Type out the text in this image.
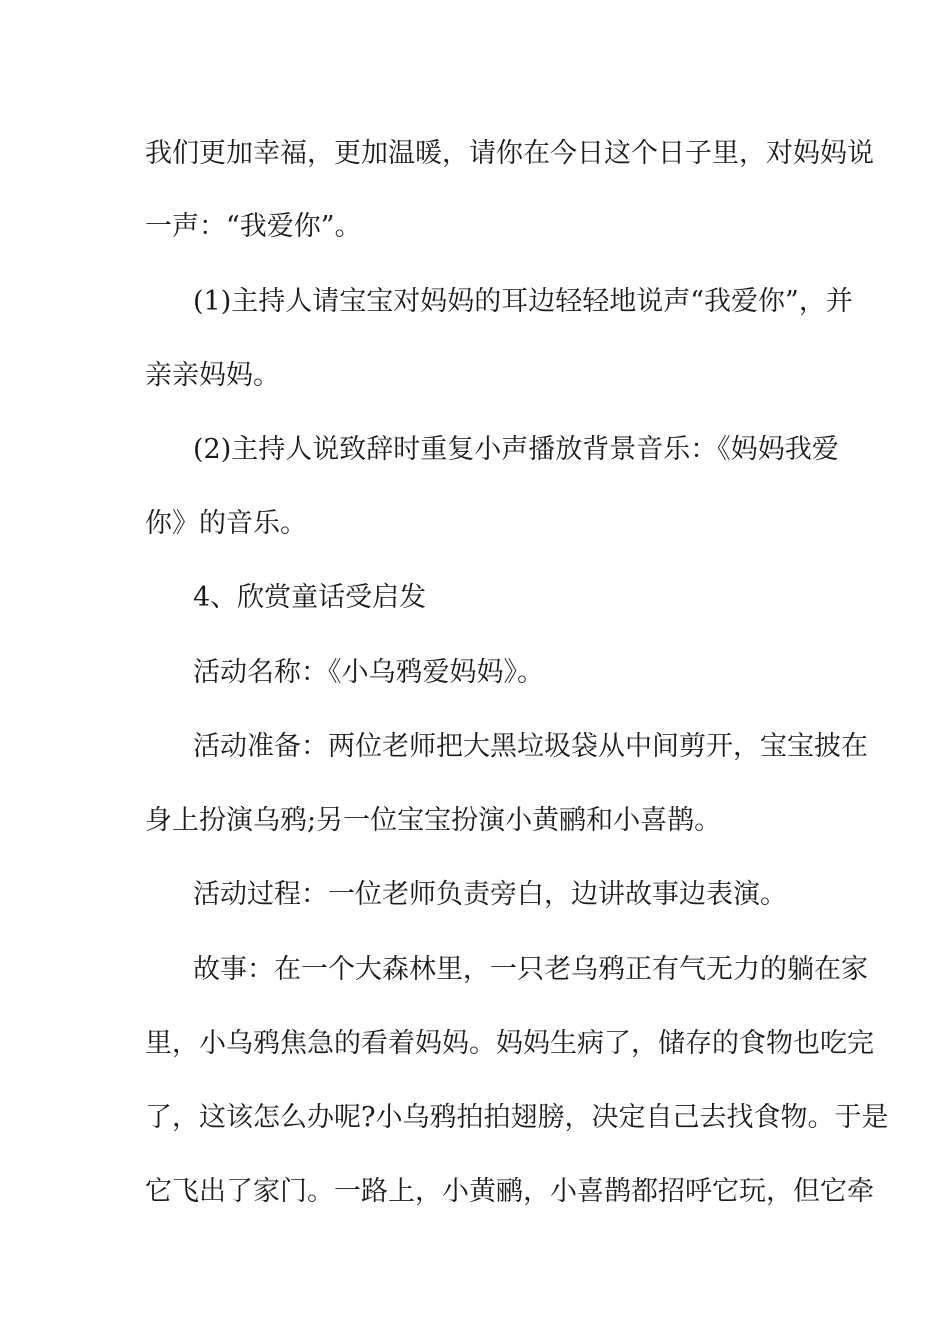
我们更加幸福，更加温暖，请你在今日这个日子里，对妈妈说
一声：“我爱你”。
(1)主持人请宝宝对妈妈的耳边轻轻地说声“我爱你”，并
亲亲妈妈。
(2)主持人说致辞时重复小声播放背景音乐：《妈妈我爱
你》的音乐。
4、欣赏童话受启发
活动名称：《小乌鸦爱妈妈》。
活动准备：两位老师把大黑垃圾袋从中间剪开，宝宝披在
身上扮演乌鸦;另一位宝宝扮演小黄鹂和小喜鹊。
活动过程：一位老师负责旁白，边讲故事边表演。
故事：在一个大森林里，一只老乌鸦正有气无力的躺在家
里，小乌鸦焦急的看着妈妈。妈妈生病了，储存的食物也吃完
了，这该怎么办呢?小乌鸦拍拍翅膀，决定自己去找食物。于是
它飞出了家门。一路上，小黄鹂，小喜鹊都招呼它玩，但它牵
